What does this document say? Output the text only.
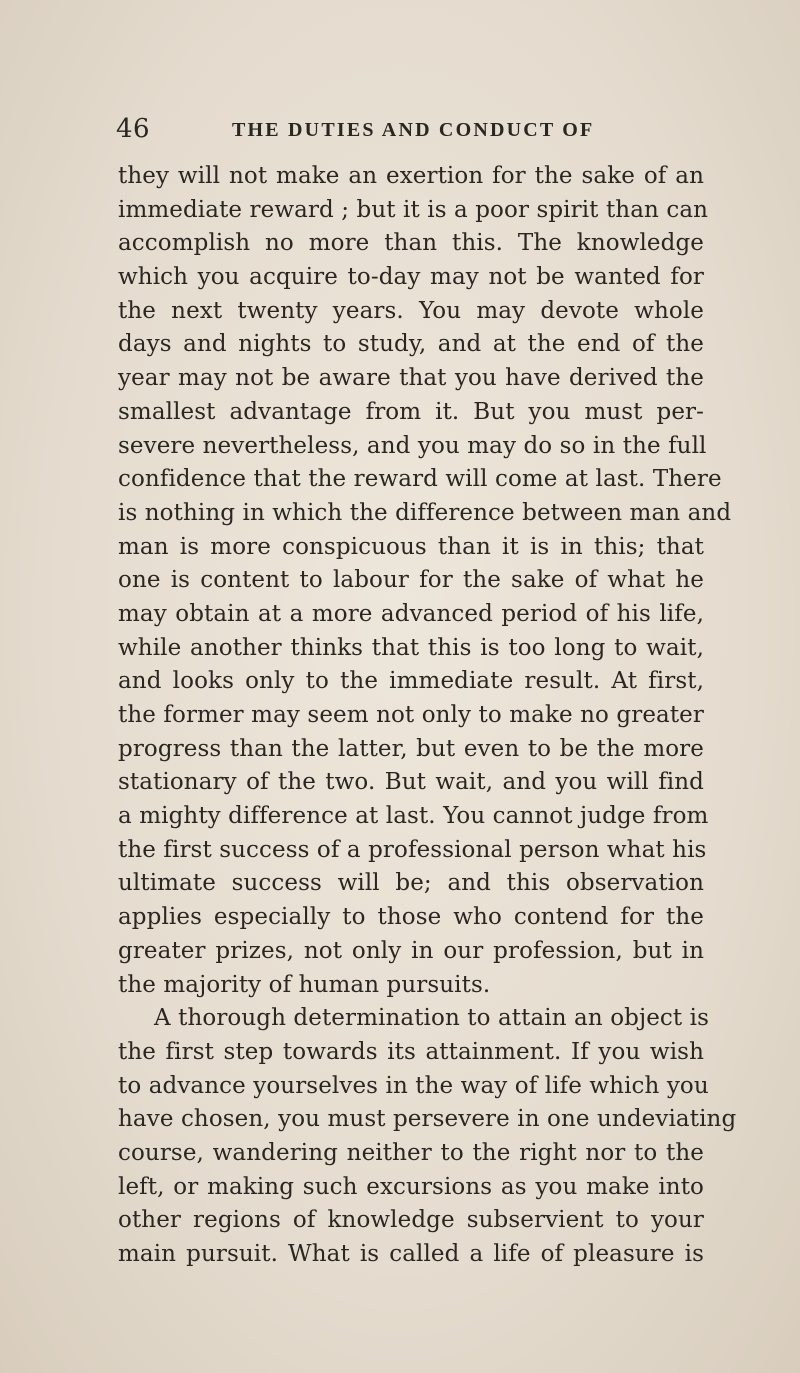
46	THE DUTIES AND CONDUCT OF
they will not make an exertion for the sake of an
immediate reward ; but it is a poor spirit than can
accomplish no more than this. The knowledge
which you acquire to-day may not be wanted for
the next twenty years. You may devote whole
days and nights to study, and at the end of the
year may not be aware that you have derived the
smallest advantage from it. But you must per-
severe nevertheless, and you may do so in the full
confidence that the reward will come at last. There
is nothing in which the difference between man and
man is more conspicuous than it is in this; that
one is content to labour for the sake of what he
may obtain at a more advanced period of his life,
while another thinks that this is too long to wait,
and looks only to the immediate result. At first,
the former may seem not only to make no greater
progress than the latter, but even to be the more
stationary of the two. But wait, and you will find
a mighty difference at last. You cannot judge from
the first success of a professional person what his
ultimate success will be; and this observation
applies especially to those who contend for the
greater prizes, not only in our profession, but in
the majority of human pursuits.
A thorough determination to attain an object is
the first step towards its attainment. If you wish
to advance yourselves in the way of life which you
have chosen, you must persevere in one undeviating
course, wandering neither to the right nor to the
left, or making such excursions as you make into
other regions of knowledge subservient to your
main pursuit. What is called a life of pleasure is
